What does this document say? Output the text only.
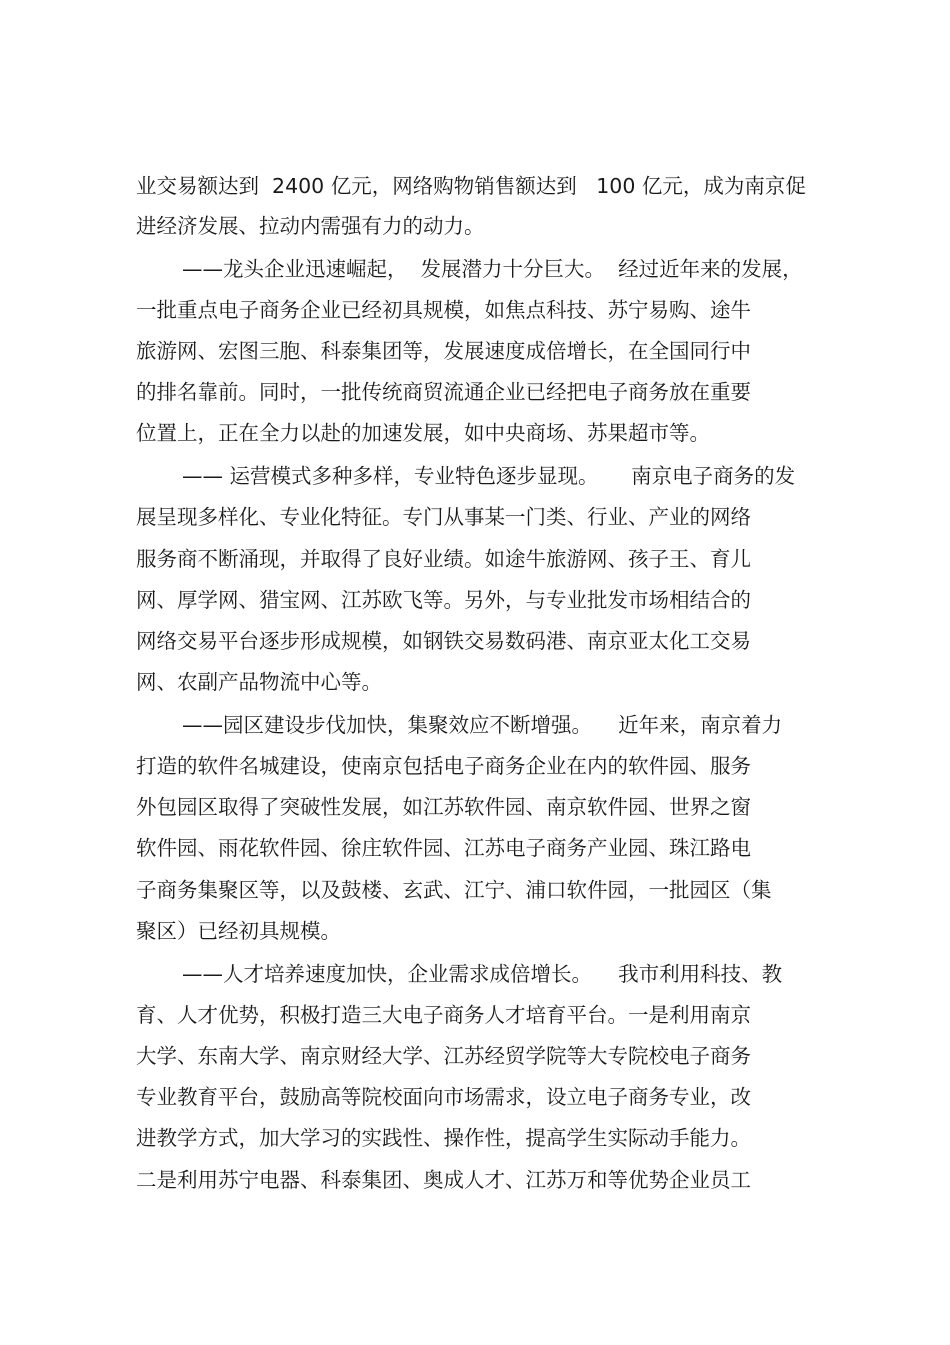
业交易额达到  2400 亿元，网络购物销售额达到   100 亿元，成为南京促

进经济发展、拉动内需强有力的动力。

——龙头企业迅速崛起，  发展潜力十分巨大。  经过近年来的发展，

一批重点电子商务企业已经初具规模，如焦点科技、苏宁易购、途牛

旅游网、宏图三胞、科泰集团等，发展速度成倍增长，在全国同行中

的排名靠前。同时，一批传统商贸流通企业已经把电子商务放在重要

位置上，正在全力以赴的加速发展，如中央商场、苏果超市等。

—— 运营模式多种多样，专业特色逐步显现。     南京电子商务的发

展呈现多样化、专业化特征。专门从事某一门类、行业、产业的网络

服务商不断涌现，并取得了良好业绩。如途牛旅游网、孩子王、育儿

网、厚学网、猎宝网、江苏欧飞等。另外，与专业批发市场相结合的

网络交易平台逐步形成规模，如钢铁交易数码港、南京亚太化工交易

网、农副产品物流中心等。

——园区建设步伐加快，集聚效应不断增强。    近年来，南京着力

打造的软件名城建设，使南京包括电子商务企业在内的软件园、服务

外包园区取得了突破性发展，如江苏软件园、南京软件园、世界之窗

软件园、雨花软件园、徐庄软件园、江苏电子商务产业园、珠江路电

子商务集聚区等，以及鼓楼、玄武、江宁、浦口软件园，一批园区（集

聚区）已经初具规模。

——人才培养速度加快，企业需求成倍增长。    我市利用科技、教

育、人才优势，积极打造三大电子商务人才培育平台。一是利用南京

大学、东南大学、南京财经大学、江苏经贸学院等大专院校电子商务

专业教育平台，鼓励高等院校面向市场需求，设立电子商务专业，改

进教学方式，加大学习的实践性、操作性，提高学生实际动手能力。

二是利用苏宁电器、科泰集团、奥成人才、江苏万和等优势企业员工
